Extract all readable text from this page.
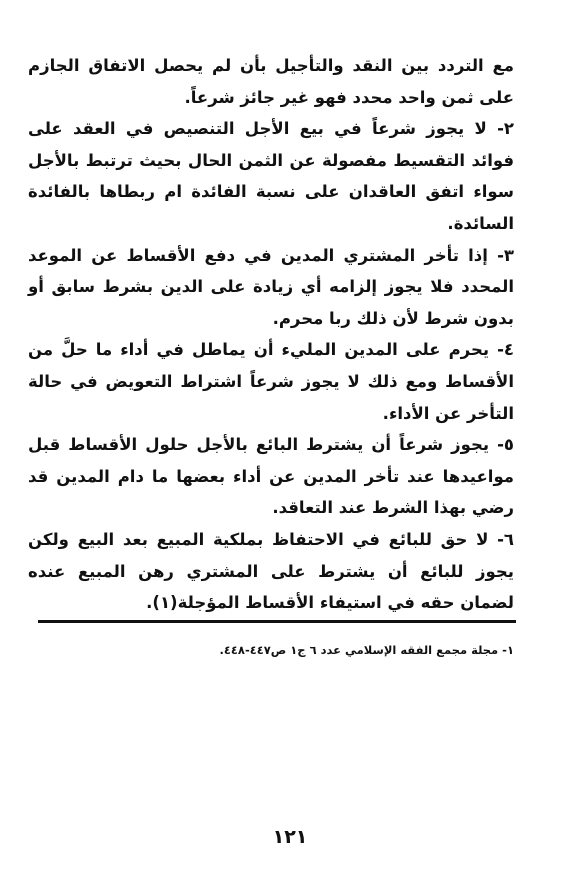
مع التردد بين النقد والتأجيل بأن لم يحصل الاتفاق الجازم على ثمن واحد محدد فهو غير جائز شرعاً.

٢- لا يجوز شرعاً في بيع الأجل التنصيص في العقد على فوائد التقسيط مفصولة عن الثمن الحال بحيث ترتبط بالأجل سواء اتفق العاقدان على نسبة الفائدة ام ربطاها بالفائدة السائدة.

٣- إذا تأخر المشتري المدين في دفع الأقساط عن الموعد المحدد فلا يجوز إلزامه أي زيادة على الدين بشرط سابق أو بدون شرط لأن ذلك ربا محرم.

٤- يحرم على المدين المليء أن يماطل في أداء ما حلَّ من الأقساط ومع ذلك لا يجوز شرعاً اشتراط التعويض في حالة التأخر عن الأداء.

٥- يجوز شرعاً أن يشترط البائع بالأجل حلول الأقساط قبل مواعيدها عند تأخر المدين عن أداء بعضها ما دام المدين قد رضي بهذا الشرط عند التعاقد.

٦- لا حق للبائع في الاحتفاظ بملكية المبيع بعد البيع ولكن يجوز للبائع أن يشترط على المشتري رهن المبيع عنده لضمان حقه في استيفاء الأقساط المؤجلة(١).

١- مجلة مجمع الفقه الإسلامي عدد ٦ ج١ ص٤٤٧-٤٤٨.
١٢١
